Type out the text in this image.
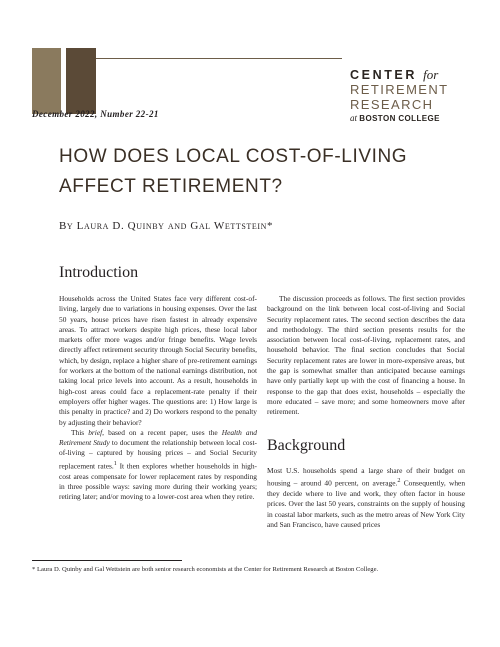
CENTER for
RETIREMENT
RESEARCH
at BOSTON COLLEGE
December 2022, Number 22-21
HOW DOES LOCAL COST-OF-LIVING
AFFECT RETIREMENT?
By Laura D. Quinby and Gal Wettstein*
Introduction

Households across the United States face very different cost-of-living, largely due to variations in housing expenses. Over the last 50 years, house prices have risen fastest in already expensive areas. To attract workers despite high prices, these local labor markets offer more wages and/or fringe benefits. Wage levels directly affect retirement security through Social Security benefits, which, by design, replace a higher share of pre-retirement earnings for workers at the bottom of the national earnings distribution, not taking local price levels into account. As a result, households in high-cost areas could face a replacement-rate penalty if their employers offer higher wages. The questions are: 1) How large is this penalty in practice? and 2) Do workers respond to the penalty by adjusting their behavior?

This brief, based on a recent paper, uses the Health and Retirement Study to document the relationship between local cost-of-living – captured by housing prices – and Social Security replacement rates.$^1$ It then explores whether households in high-cost areas compensate for lower replacement rates by responding in three possible ways: saving more during their working years; retiring later; and/or moving to a lower-cost area when they retire.

The discussion proceeds as follows. The first section provides background on the link between local cost-of-living and Social Security replacement rates. The second section describes the data and methodology. The third section presents results for the association between local cost-of-living, replacement rates, and household behavior. The final section concludes that Social Security replacement rates are lower in more-expensive areas, but the gap is somewhat smaller than anticipated because earnings have only partially kept up with the cost of financing a house. In response to the gap that does exist, households – especially the more educated – save more; and some homeowners move after retirement.

Background

Most U.S. households spend a large share of their budget on housing – around 40 percent, on average.$^2$ Consequently, when they decide where to live and work, they often factor in house prices. Over the last 50 years, constraints on the supply of housing in coastal labor markets, such as the metro areas of New York City and San Francisco, have caused prices

* Laura D. Quinby and Gal Wettstein are both senior research economists at the Center for Retirement Research at Boston College.
